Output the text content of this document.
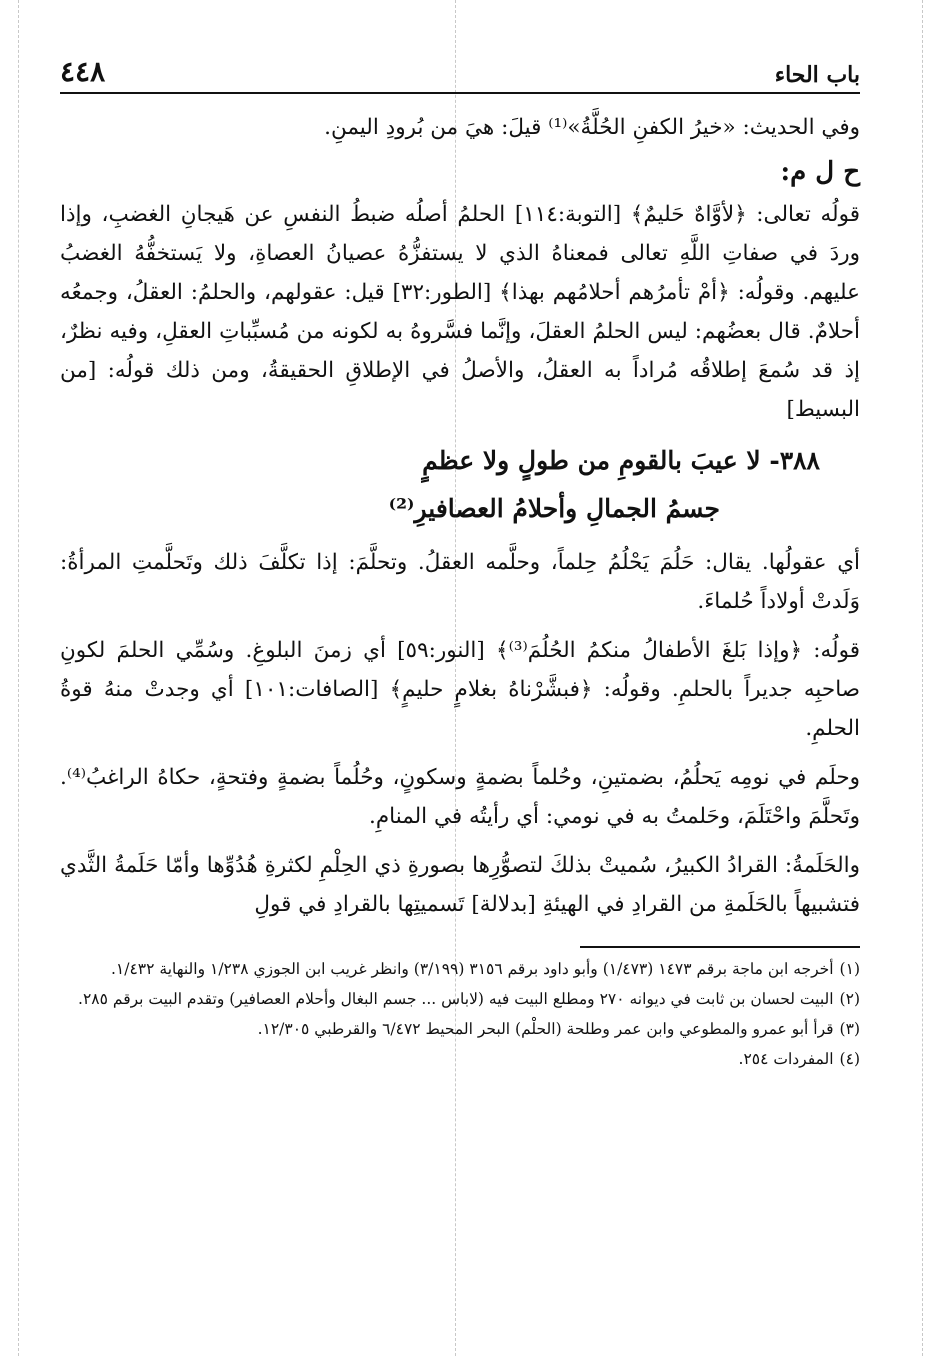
باب الحاء
٤٤٨

وفي الحديث: «خيرُ الكفنِ الحُلَّةُ»⁽¹⁾ قيلَ: هيَ من بُرودِ اليمنِ.

ح ل م:

قولُه تعالى: ﴿لأوَّاهٌ حَليمٌ﴾ [التوبة:١١٤] الحلمُ أصلُه ضبطُ النفسِ عن هَيجانِ الغضبِ، وإذا وردَ في صفاتِ اللَّهِ تعالى فمعناهُ الذي لا يستفزُّهُ عصيانُ العصاةِ، ولا يَستخفُّهُ الغضبُ عليهم. وقولُه: ﴿أمْ تأمرُهم أحلامُهم بهذا﴾ [الطور:٣٢] قيل: عقولهم، والحلمُ: العقلُ، وجمعُه أحلامٌ. قال بعضُهم: ليس الحلمُ العقلَ، وإنَّما فسَّروهُ به لكونه من مُسبِّباتِ العقلِ، وفيه نظرٌ، إذ قد سُمعَ إطلاقُه مُراداً به العقلُ، والأصلُ في الإطلاقِ الحقيقةُ، ومن ذلك قولُه: [من البسيط]

٣٨٨- لا عيبَ بالقومِ من طولٍ ولا عظمٍ
جسمُ الجمالِ وأحلامُ العصافيرِ⁽²⁾

أي عقولُها. يقال: حَلُمَ يَحْلُمُ حِلماً، وحلَّمه العقلُ. وتحلَّمَ: إذا تكلَّفَ ذلك وتَحلَّمتِ المرأةُ: وَلَدتْ أولاداً حُلماءَ.

قولُه: ﴿وإذا بَلغَ الأطفالُ منكمُ الحُلُمَ⁽³⁾﴾ [النور:٥٩] أي زمنَ البلوغِ. وسُمِّي الحلمَ لكونِ صاحبِه جديراً بالحلمِ. وقولُه: ﴿فبشَّرْناهُ بغلامٍ حليمٍ﴾ [الصافات:١٠١] أي وجدتْ منهُ قوةُ الحلمِ.

وحلَم في نومِه يَحلُمُ، بضمتينِ، وحُلماً بضمةٍ وسكونٍ، وحُلُماً بضمةٍ وفتحةٍ، حكاهُ الراغبُ⁽⁴⁾. وتَحلَّمَ واحْتَلَمَ، وحَلمتُ به في نومي: أي رأيتُه في المنامِ.

والحَلَمةُ: القرادُ الكبيرُ، سُميتْ بذلكَ لتصوُّرِها بصورةِ ذي الحِلْمِ لكثرةِ هُدُوِّها وأمّا حَلَمةُ الثَّدي فتشبيهاً بالحَلَمةِ من القرادِ في الهيئةِ [بدلالة] تَسميتِها بالقرادِ في قولِ

(١)أخرجه ابن ماجة برقم ١٤٧٣ (١/٤٧٣) وأبو داود برقم ٣١٥٦ (٣/١٩٩) وانظر غريب ابن الجوزي ١/٢٣٨ والنهاية ١/٤٣٢.

(٢)البيت لحسان بن ثابت في ديوانه ٢٧٠ ومطلع البيت فيه (لاباس ... جسم البغال وأحلام العصافير) وتقدم البيت برقم ٢٨٥.

(٣)قرأ أبو عمرو والمطوعي وابن عمر وطلحة (الحلْم) البحر المحيط ٦/٤٧٢ والقرطبي ١٢/٣٠٥.

(٤)المفردات ٢٥٤.
